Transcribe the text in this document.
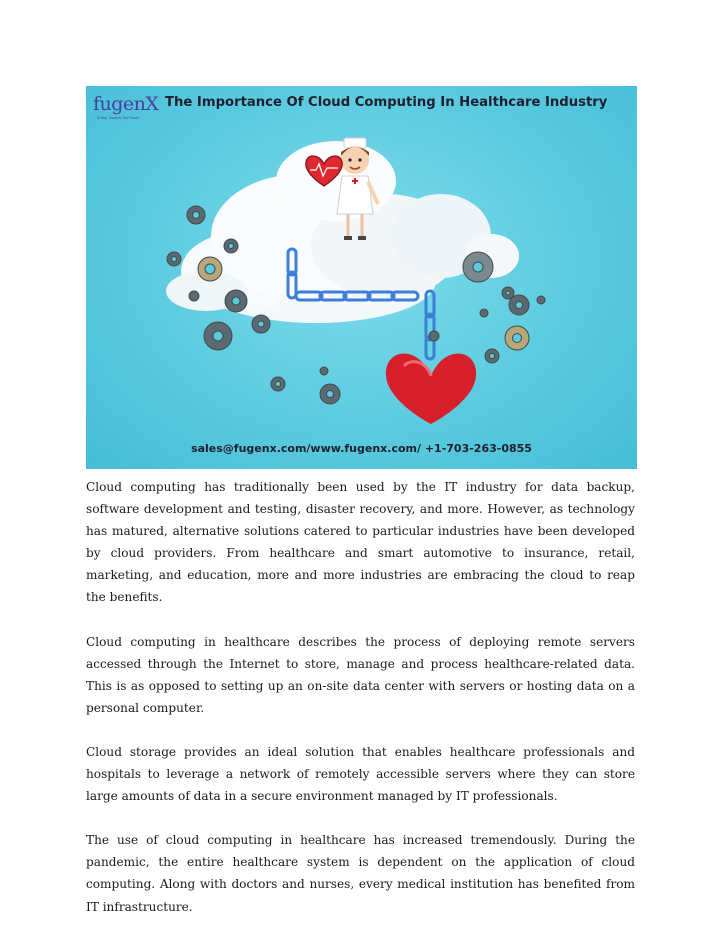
fugenX
A Step Towards The Future
The Importance Of Cloud Computing In Healthcare Industry
sales@fugenx.com/www.fugenx.com/ +1-703-263-0855

Cloud computing has traditionally been used by the IT industry for data backup, software development and testing, disaster recovery, and more. However, as technology has matured, alternative solutions catered to particular industries have been developed by cloud providers. From healthcare and smart automotive to insurance, retail, marketing, and education, more and more industries are embracing the cloud to reap the benefits.

Cloud computing in healthcare describes the process of deploying remote servers accessed through the Internet to store, manage and process healthcare-related data. This is as opposed to setting up an on-site data center with servers or hosting data on a personal computer.

Cloud storage provides an ideal solution that enables healthcare professionals and hospitals to leverage a network of remotely accessible servers where they can store large amounts of data in a secure environment managed by IT professionals.

The use of cloud computing in healthcare has increased tremendously. During the pandemic, the entire healthcare system is dependent on the application of cloud computing. Along with doctors and nurses, every medical institution has benefited from IT infrastructure.
